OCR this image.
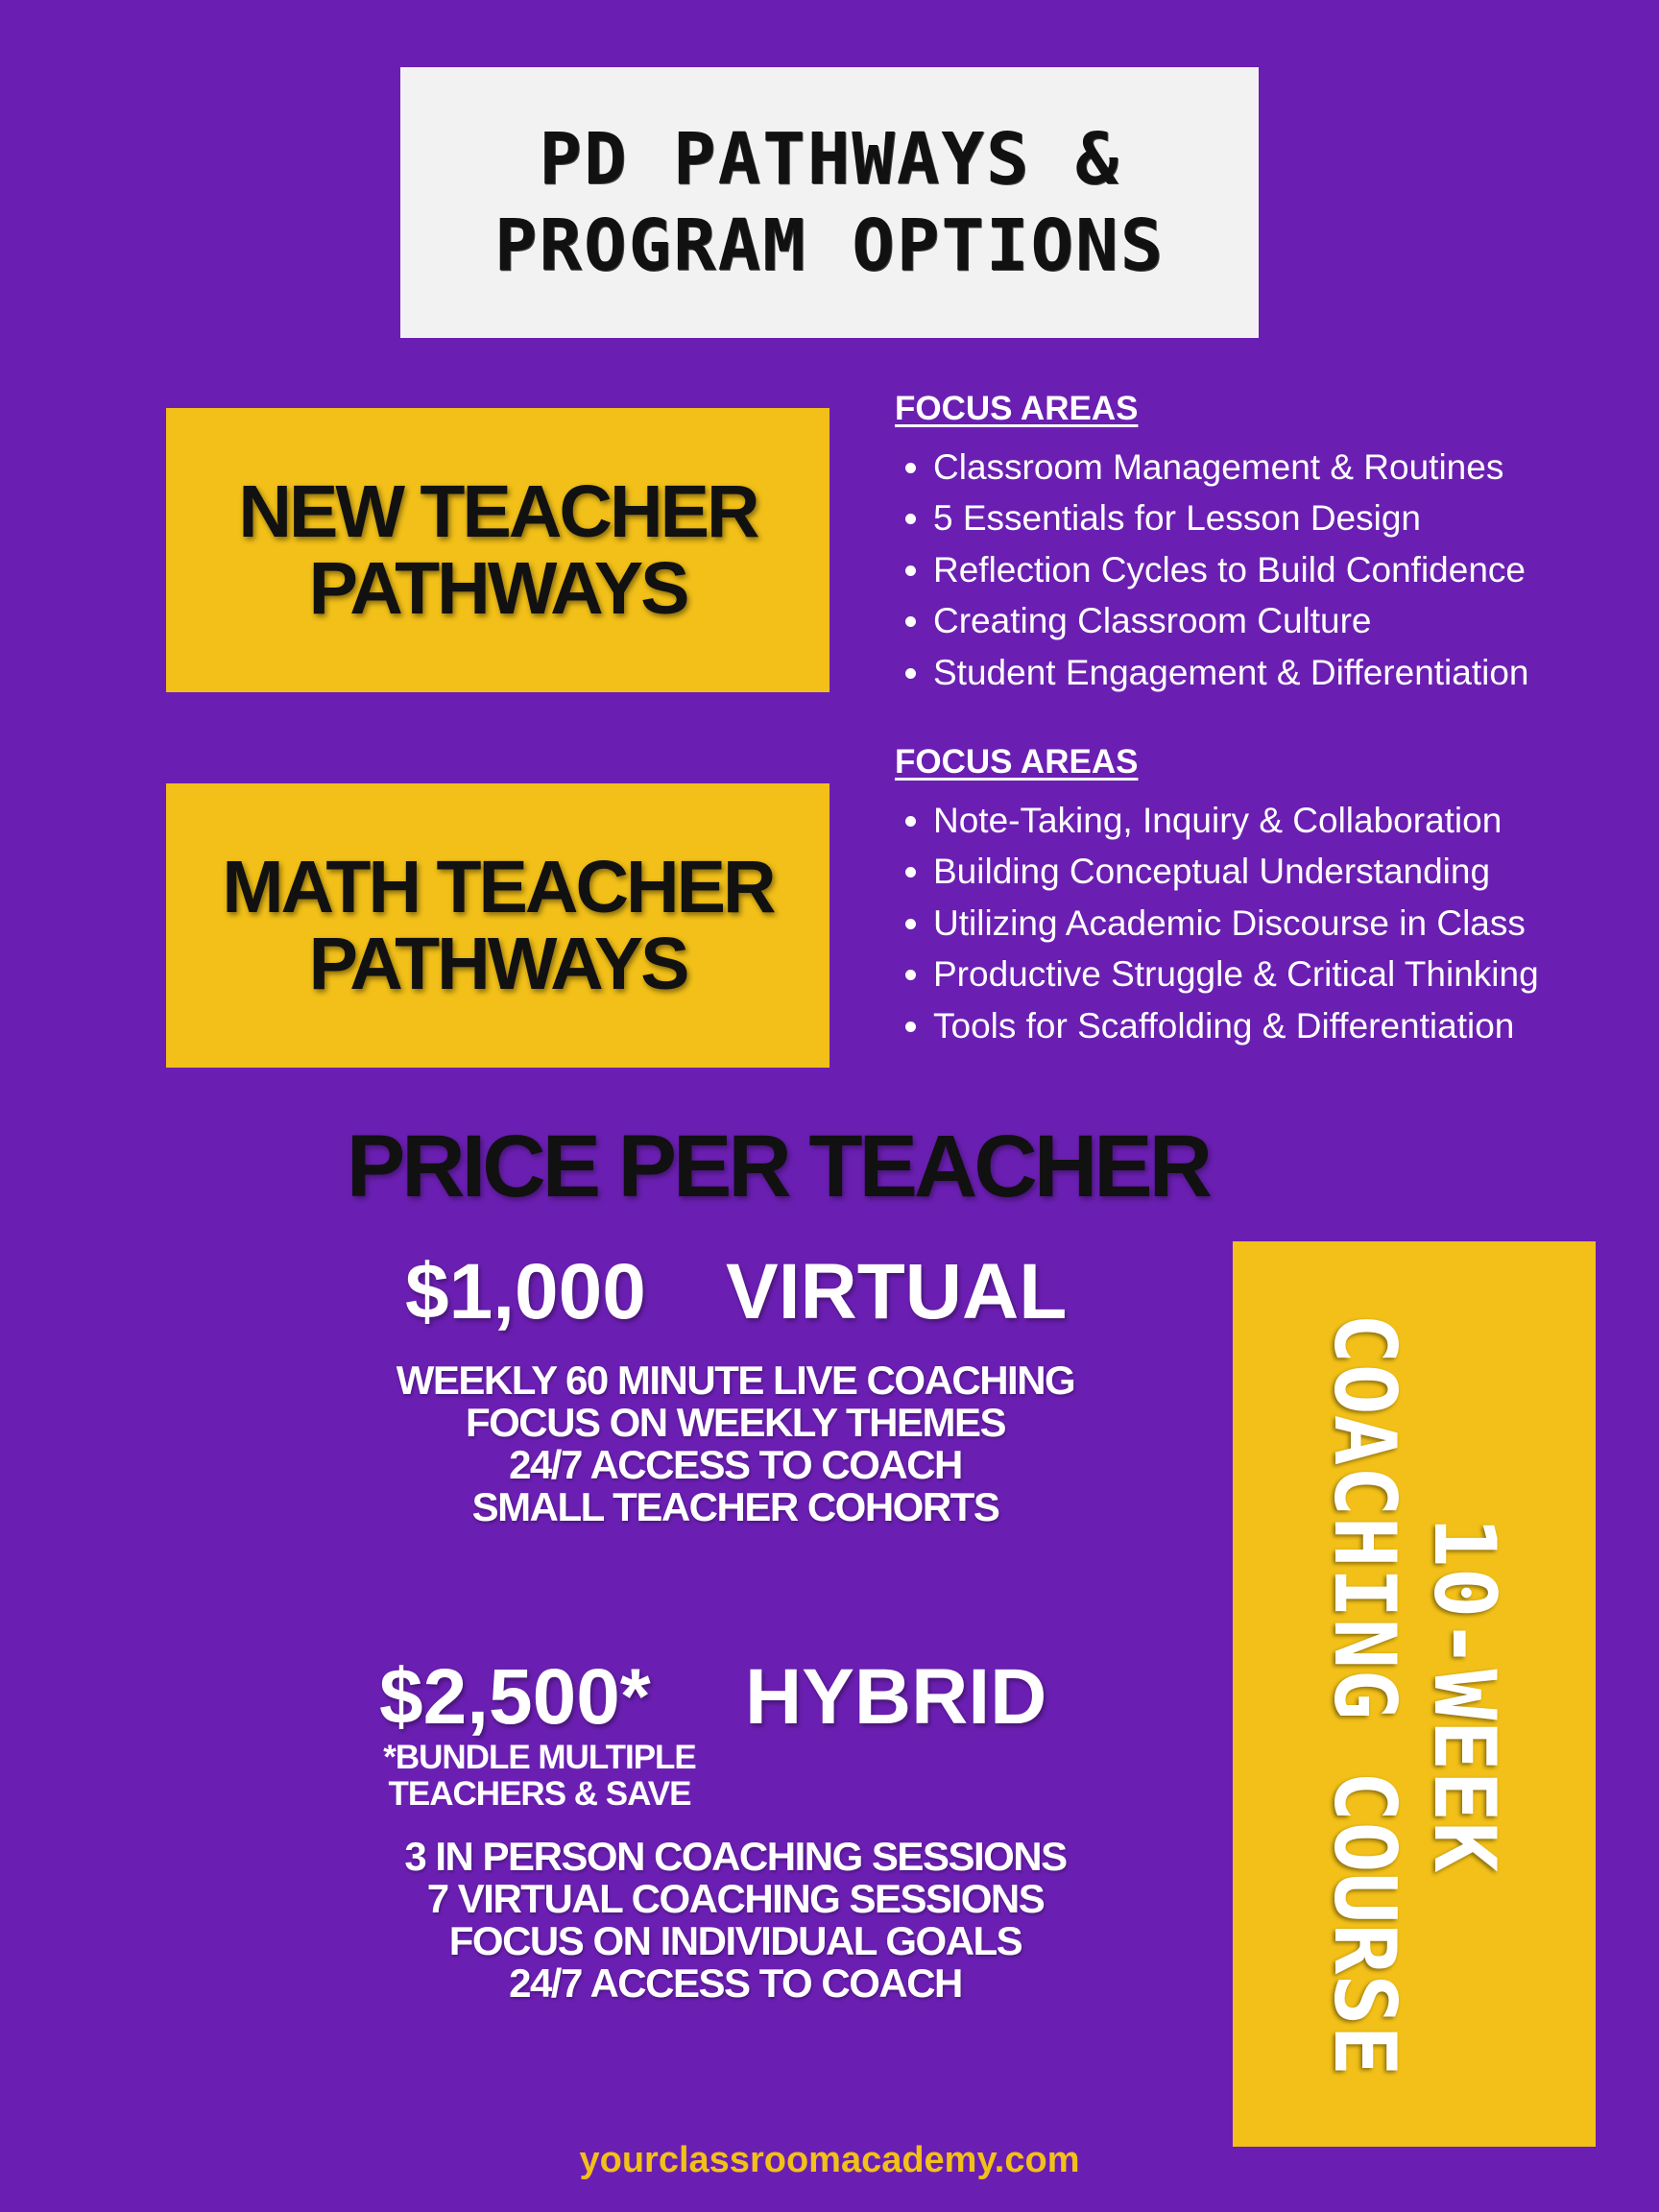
PD PATHWAYS &
PROGRAM OPTIONS
NEW TEACHER
PATHWAYS
FOCUS AREAS
• Classroom Management & Routines
• 5 Essentials for Lesson Design
• Reflection Cycles to Build Confidence
• Creating Classroom Culture
• Student Engagement & Differentiation
MATH TEACHER
PATHWAYS
FOCUS AREAS
• Note-Taking, Inquiry & Collaboration
• Building Conceptual Understanding
• Utilizing Academic Discourse in Class
• Productive Struggle & Critical Thinking
• Tools for Scaffolding & Differentiation
PRICE PER TEACHER
$1,000 VIRTUAL
WEEKLY 60 MINUTE LIVE COACHING
FOCUS ON WEEKLY THEMES
24/7 ACCESS TO COACH
SMALL TEACHER COHORTS
$2,500* HYBRID
*BUNDLE MULTIPLE
TEACHERS & SAVE
3 IN PERSON COACHING SESSIONS
7 VIRTUAL COACHING SESSIONS
FOCUS ON INDIVIDUAL GOALS
24/7 ACCESS TO COACH
10-WEEK
COACHING COURSE
yourclassroomacademy.com
